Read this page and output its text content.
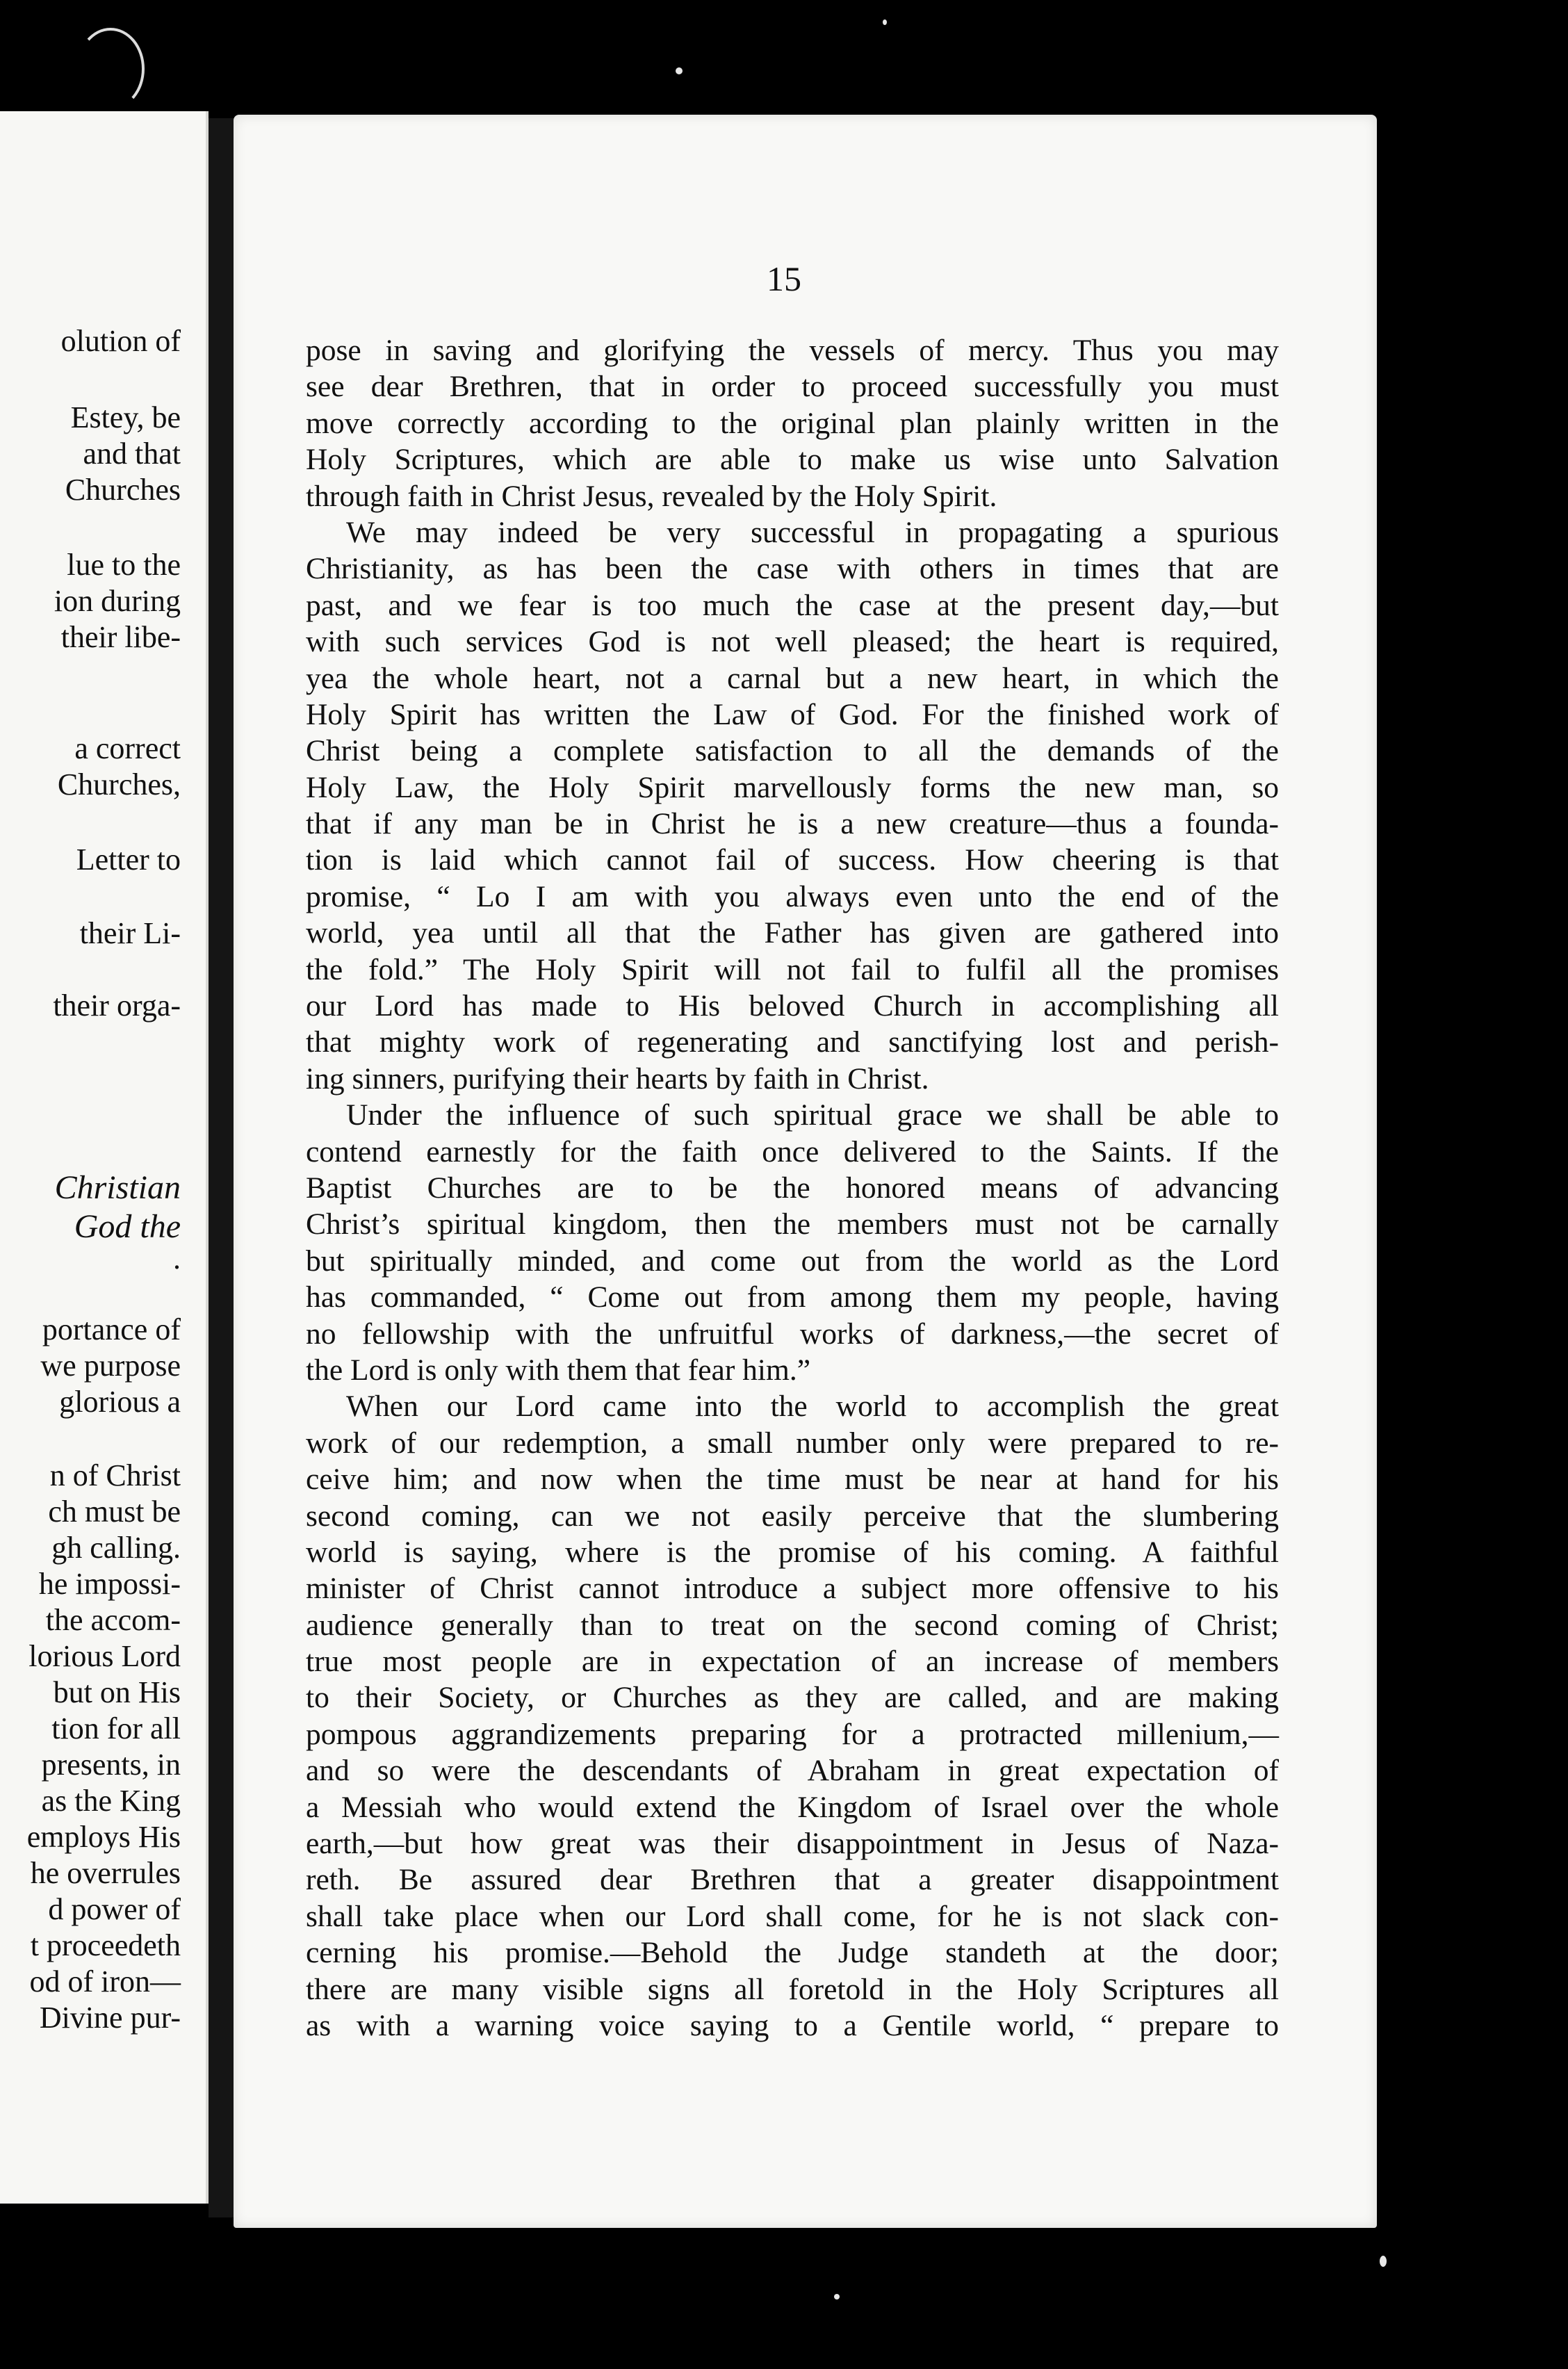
olution of
Estey, be
and that
Churches
lue to the
ion during
their libe-
a correct
Churches,
Letter to
their Li-
their orga-
Christian
God the
.
portance of
we purpose
glorious a
n of Christ
ch must be
gh calling.
he impossi-
the accom-
lorious Lord
but on His
tion for all
presents, in
as the King
employs His
he overrules
d power of
t proceedeth
od of iron—
Divine pur-
15
pose in saving and glorifying the vessels of mercy. Thus you may
see dear Brethren, that in order to proceed successfully you must
move correctly according to the original plan plainly written in the
Holy Scriptures, which are able to make us wise unto Salvation
through faith in Christ Jesus, revealed by the Holy Spirit.
We may indeed be very successful in propagating a spurious
Christianity, as has been the case with others in times that are
past, and we fear is too much the case at the present day,—but
with such services God is not well pleased; the heart is required,
yea the whole heart, not a carnal but a new heart, in which the
Holy Spirit has written the Law of God. For the finished work of
Christ being a complete satisfaction to all the demands of the
Holy Law, the Holy Spirit marvellously forms the new man, so
that if any man be in Christ he is a new creature—thus a founda-
tion is laid which cannot fail of success. How cheering is that
promise, “ Lo I am with you always even unto the end of the
world, yea until all that the Father has given are gathered into
the fold.” The Holy Spirit will not fail to fulfil all the promises
our Lord has made to His beloved Church in accomplishing all
that mighty work of regenerating and sanctifying lost and perish-
ing sinners, purifying their hearts by faith in Christ.
Under the influence of such spiritual grace we shall be able to
contend earnestly for the faith once delivered to the Saints. If the
Baptist Churches are to be the honored means of advancing
Christ’s spiritual kingdom, then the members must not be carnally
but spiritually minded, and come out from the world as the Lord
has commanded, “ Come out from among them my people, having
no fellowship with the unfruitful works of darkness,—the secret of
the Lord is only with them that fear him.”
When our Lord came into the world to accomplish the great
work of our redemption, a small number only were prepared to re-
ceive him; and now when the time must be near at hand for his
second coming, can we not easily perceive that the slumbering
world is saying, where is the promise of his coming. A faithful
minister of Christ cannot introduce a subject more offensive to his
audience generally than to treat on the second coming of Christ;
true most people are in expectation of an increase of members
to their Society, or Churches as they are called, and are making
pompous aggrandizements preparing for a protracted millenium,—
and so were the descendants of Abraham in great expectation of
a Messiah who would extend the Kingdom of Israel over the whole
earth,—but how great was their disappointment in Jesus of Naza-
reth. Be assured dear Brethren that a greater disappointment
shall take place when our Lord shall come, for he is not slack con-
cerning his promise.—Behold the Judge standeth at the door;
there are many visible signs all foretold in the Holy Scriptures all
as with a warning voice saying to a Gentile world, “ prepare to
